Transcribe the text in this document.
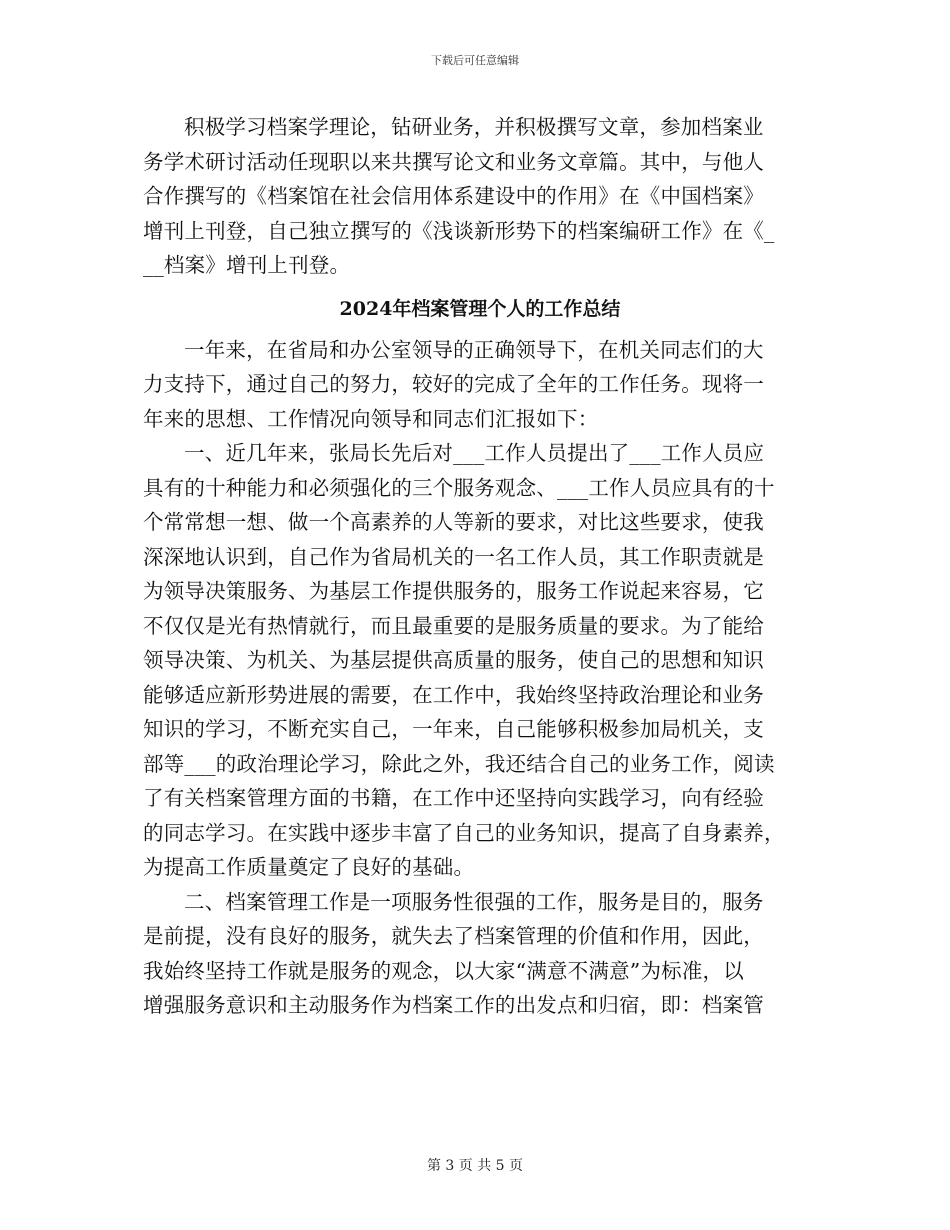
下载后可任意编辑
积极学习档案学理论，钻研业务，并积极撰写文章，参加档案业
务学术研讨活动任现职以来共撰写论文和业务文章篇。其中，与他人
合作撰写的《档案馆在社会信用体系建设中的作用》在《中国档案》
增刊上刊登，自己独立撰写的《浅谈新形势下的档案编研工作》在《_
__档案》增刊上刊登。
2024年档案管理个人的工作总结
一年来，在省局和办公室领导的正确领导下，在机关同志们的大
力支持下，通过自己的努力，较好的完成了全年的工作任务。现将一
年来的思想、工作情况向领导和同志们汇报如下：
一、近几年来，张局长先后对___工作人员提出了___工作人员应
具有的十种能力和必须强化的三个服务观念、___工作人员应具有的十
个常常想一想、做一个高素养的人等新的要求，对比这些要求，使我
深深地认识到，自己作为省局机关的一名工作人员，其工作职责就是
为领导决策服务、为基层工作提供服务的，服务工作说起来容易，它
不仅仅是光有热情就行，而且最重要的是服务质量的要求。为了能给
领导决策、为机关、为基层提供高质量的服务，使自己的思想和知识
能够适应新形势进展的需要，在工作中，我始终坚持政治理论和业务
知识的学习，不断充实自己，一年来，自己能够积极参加局机关，支
部等___的政治理论学习，除此之外，我还结合自己的业务工作，阅读
了有关档案管理方面的书籍，在工作中还坚持向实践学习，向有经验
的同志学习。在实践中逐步丰富了自己的业务知识，提高了自身素养，
为提高工作质量奠定了良好的基础。
二、档案管理工作是一项服务性很强的工作，服务是目的，服务
是前提，没有良好的服务，就失去了档案管理的价值和作用，因此，
我始终坚持工作就是服务的观念，以大家“满意不满意”为标准，以
增强服务意识和主动服务作为档案工作的出发点和归宿，即：档案管
第 3 页 共 5 页
